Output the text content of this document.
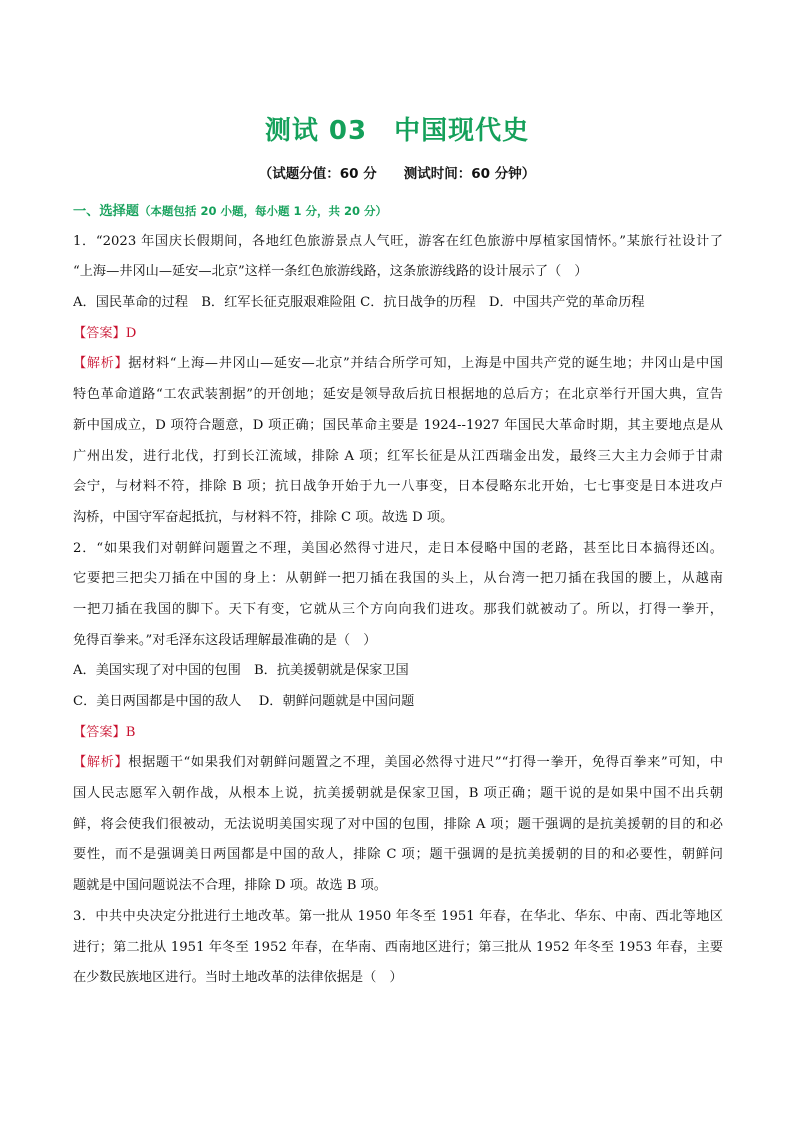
测试 03　中国现代史
（试题分值：60 分　　测试时间：60 分钟）
一、选择题（本题包括 20 小题，每小题 1 分，共 20 分）
1．“2023 年国庆长假期间，各地红色旅游景点人气旺，游客在红色旅游中厚植家国情怀。”某旅行社设计了
“上海—井冈山—延安—北京”这样一条红色旅游线路，这条旅游线路的设计展示了（　）
A．国民革命的过程　B．红军长征克服艰难险阻 C．抗日战争的历程　D．中国共产党的革命历程
【答案】D
【解析】据材料“上海—井冈山—延安—北京”并结合所学可知，上海是中国共产党的诞生地；井冈山是中国
特色革命道路“工农武装割据”的开创地；延安是领导敌后抗日根据地的总后方；在北京举行开国大典，宣告
新中国成立，D 项符合题意，D 项正确；国民革命主要是 1924--1927 年国民大革命时期，其主要地点是从
广州出发，进行北伐，打到长江流域，排除 A 项；红军长征是从江西瑞金出发，最终三大主力会师于甘肃
会宁，与材料不符，排除 B 项；抗日战争开始于九一八事变，日本侵略东北开始，七七事变是日本进攻卢
沟桥，中国守军奋起抵抗，与材料不符，排除 C 项。故选 D 项。
2．“如果我们对朝鲜问题置之不理，美国必然得寸进尺，走日本侵略中国的老路，甚至比日本搞得还凶。
它要把三把尖刀插在中国的身上：从朝鲜一把刀插在我国的头上，从台湾一把刀插在我国的腰上，从越南
一把刀插在我国的脚下。天下有变，它就从三个方向向我们进攻。那我们就被动了。所以，打得一拳开，
免得百拳来。”对毛泽东这段话理解最准确的是（　）
A．美国实现了对中国的包围　B．抗美援朝就是保家卫国
C．美日两国都是中国的敌人　 D．朝鲜问题就是中国问题
【答案】B
【解析】根据题干“如果我们对朝鲜问题置之不理，美国必然得寸进尺”“打得一拳开，免得百拳来”可知，中
国人民志愿军入朝作战，从根本上说，抗美援朝就是保家卫国，B 项正确；题干说的是如果中国不出兵朝
鲜，将会使我们很被动，无法说明美国实现了对中国的包围，排除 A 项；题干强调的是抗美援朝的目的和必
要性，而不是强调美日两国都是中国的敌人，排除 C 项；题干强调的是抗美援朝的目的和必要性，朝鲜问
题就是中国问题说法不合理，排除 D 项。故选 B 项。
3．中共中央决定分批进行土地改革。第一批从 1950 年冬至 1951 年春，在华北、华东、中南、西北等地区
进行；第二批从 1951 年冬至 1952 年春，在华南、西南地区进行；第三批从 1952 年冬至 1953 年春，主要
在少数民族地区进行。当时土地改革的法律依据是（　）
